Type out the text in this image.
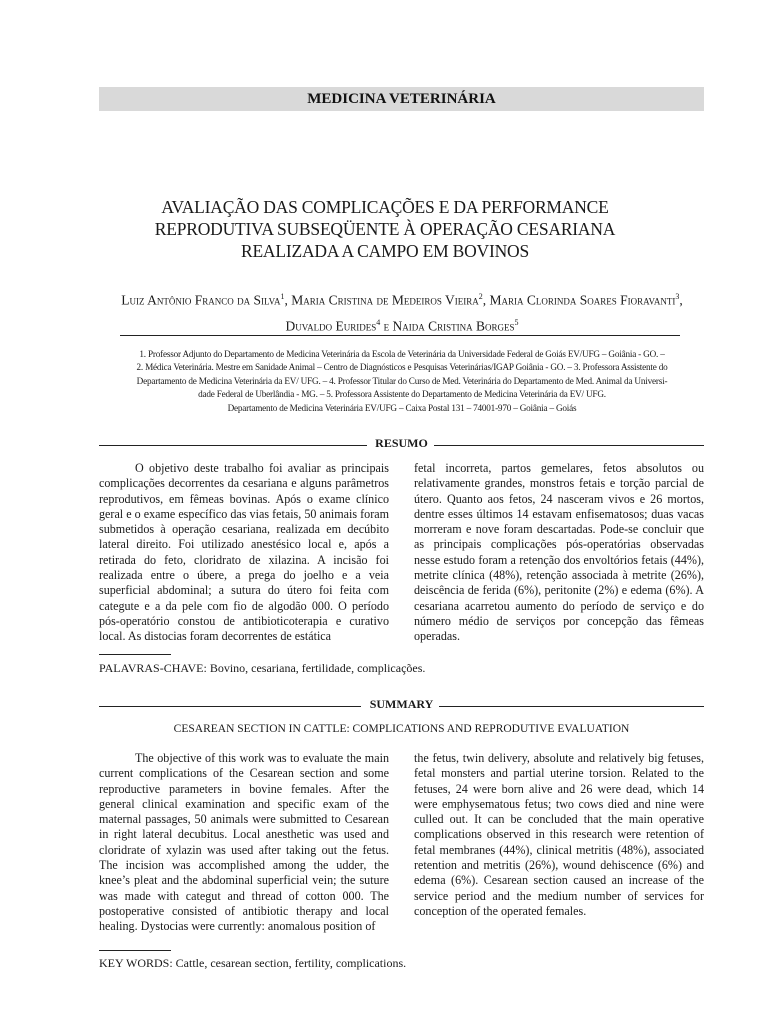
MEDICINA VETERINÁRIA
AVALIAÇÃO DAS COMPLICAÇÕES E DA PERFORMANCE
REPRODUTIVA SUBSEQÜENTE À OPERAÇÃO CESARIANA
REALIZADA A CAMPO EM BOVINOS
Luiz Antônio Franco da Silva$^1$, Maria Cristina de Medeiros Vieira$^2$, Maria Clorinda Soares Fioravanti$^3$, Duvaldo Eurides$^4$ e Naida Cristina Borges$^5$
1. Professor Adjunto do Departamento de Medicina Veterinária da Escola de Veterinária da Universidade Federal de Goiás EV/UFG – Goiânia - GO. –
2. Médica Veterinária. Mestre em Sanidade Animal – Centro de Diagnósticos e Pesquisas Veterinárias/IGAP Goiânia - GO. – 3. Professora Assistente do
Departamento de Medicina Veterinária da EV/ UFG. – 4. Professor Titular do Curso de Med. Veterinária do Departamento de Med. Animal da Universi-
dade Federal de Uberlândia - MG. – 5. Professora Assistente do Departamento de Medicina Veterinária da EV/ UFG.
Departamento de Medicina Veterinária EV/UFG – Caixa Postal 131 – 74001-970 – Goiânia – Goiás
RESUMO

O objetivo deste trabalho foi avaliar as principais complicações decorrentes da cesariana e alguns parâmetros reprodutivos, em fêmeas bovinas. Após o exame clínico geral e o exame específico das vias fetais, 50 animais foram submetidos à operação cesariana, realizada em decúbito lateral direito. Foi utilizado anestésico local e, após a retirada do feto, cloridrato de xilazina. A incisão foi realizada entre o úbere, a prega do joelho e a veia superficial abdominal; a sutura do útero foi feita com categute e a da pele com fio de algodão 000. O período pós-operatório constou de antibioticoterapia e curativo local. As distocias foram decorrentes de estática

fetal incorreta, partos gemelares, fetos absolutos ou relativamente grandes, monstros fetais e torção parcial de útero. Quanto aos fetos, 24 nasceram vivos e 26 mortos, dentre esses últimos 14 estavam enfisematosos; duas vacas morreram e nove foram descartadas. Pode-se concluir que as principais complicações pós-operatórias observadas nesse estudo foram a retenção dos envoltórios fetais (44%), metrite clínica (48%), retenção associada à metrite (26%), deiscência de ferida (6%), peritonite (2%) e edema (6%). A cesariana acarretou aumento do período de serviço e do número médio de serviços por concepção das fêmeas operadas.

PALAVRAS-CHAVE: Bovino, cesariana, fertilidade, complicações.
SUMMARY
CESAREAN SECTION IN CATTLE: COMPLICATIONS AND REPRODUTIVE EVALUATION

The objective of this work was to evaluate the main current complications of the Cesarean section and some reproductive parameters in bovine females. After the general clinical examination and specific exam of the maternal passages, 50 animals were submitted to Cesarean in right lateral decubitus. Local anesthetic was used and cloridrate of xylazin was used after taking out the fetus. The incision was accomplished among the udder, the knee’s pleat and the abdominal superficial vein; the suture was made with categut and thread of cotton 000. The postoperative consisted of antibiotic therapy and local healing. Dystocias were currently: anomalous position of

the fetus, twin delivery, absolute and relatively big fetuses, fetal monsters and partial uterine torsion. Related to the fetuses, 24 were born alive and 26 were dead, which 14 were emphysematous fetus; two cows died and nine were culled out. It can be concluded that the main operative complications observed in this research were retention of fetal membranes (44%), clinical metritis (48%), associated retention and metritis (26%), wound dehiscence (6%) and edema (6%). Cesarean section caused an increase of the service period and the medium number of services for conception of the operated females.

KEY WORDS: Cattle, cesarean section, fertility, complications.
